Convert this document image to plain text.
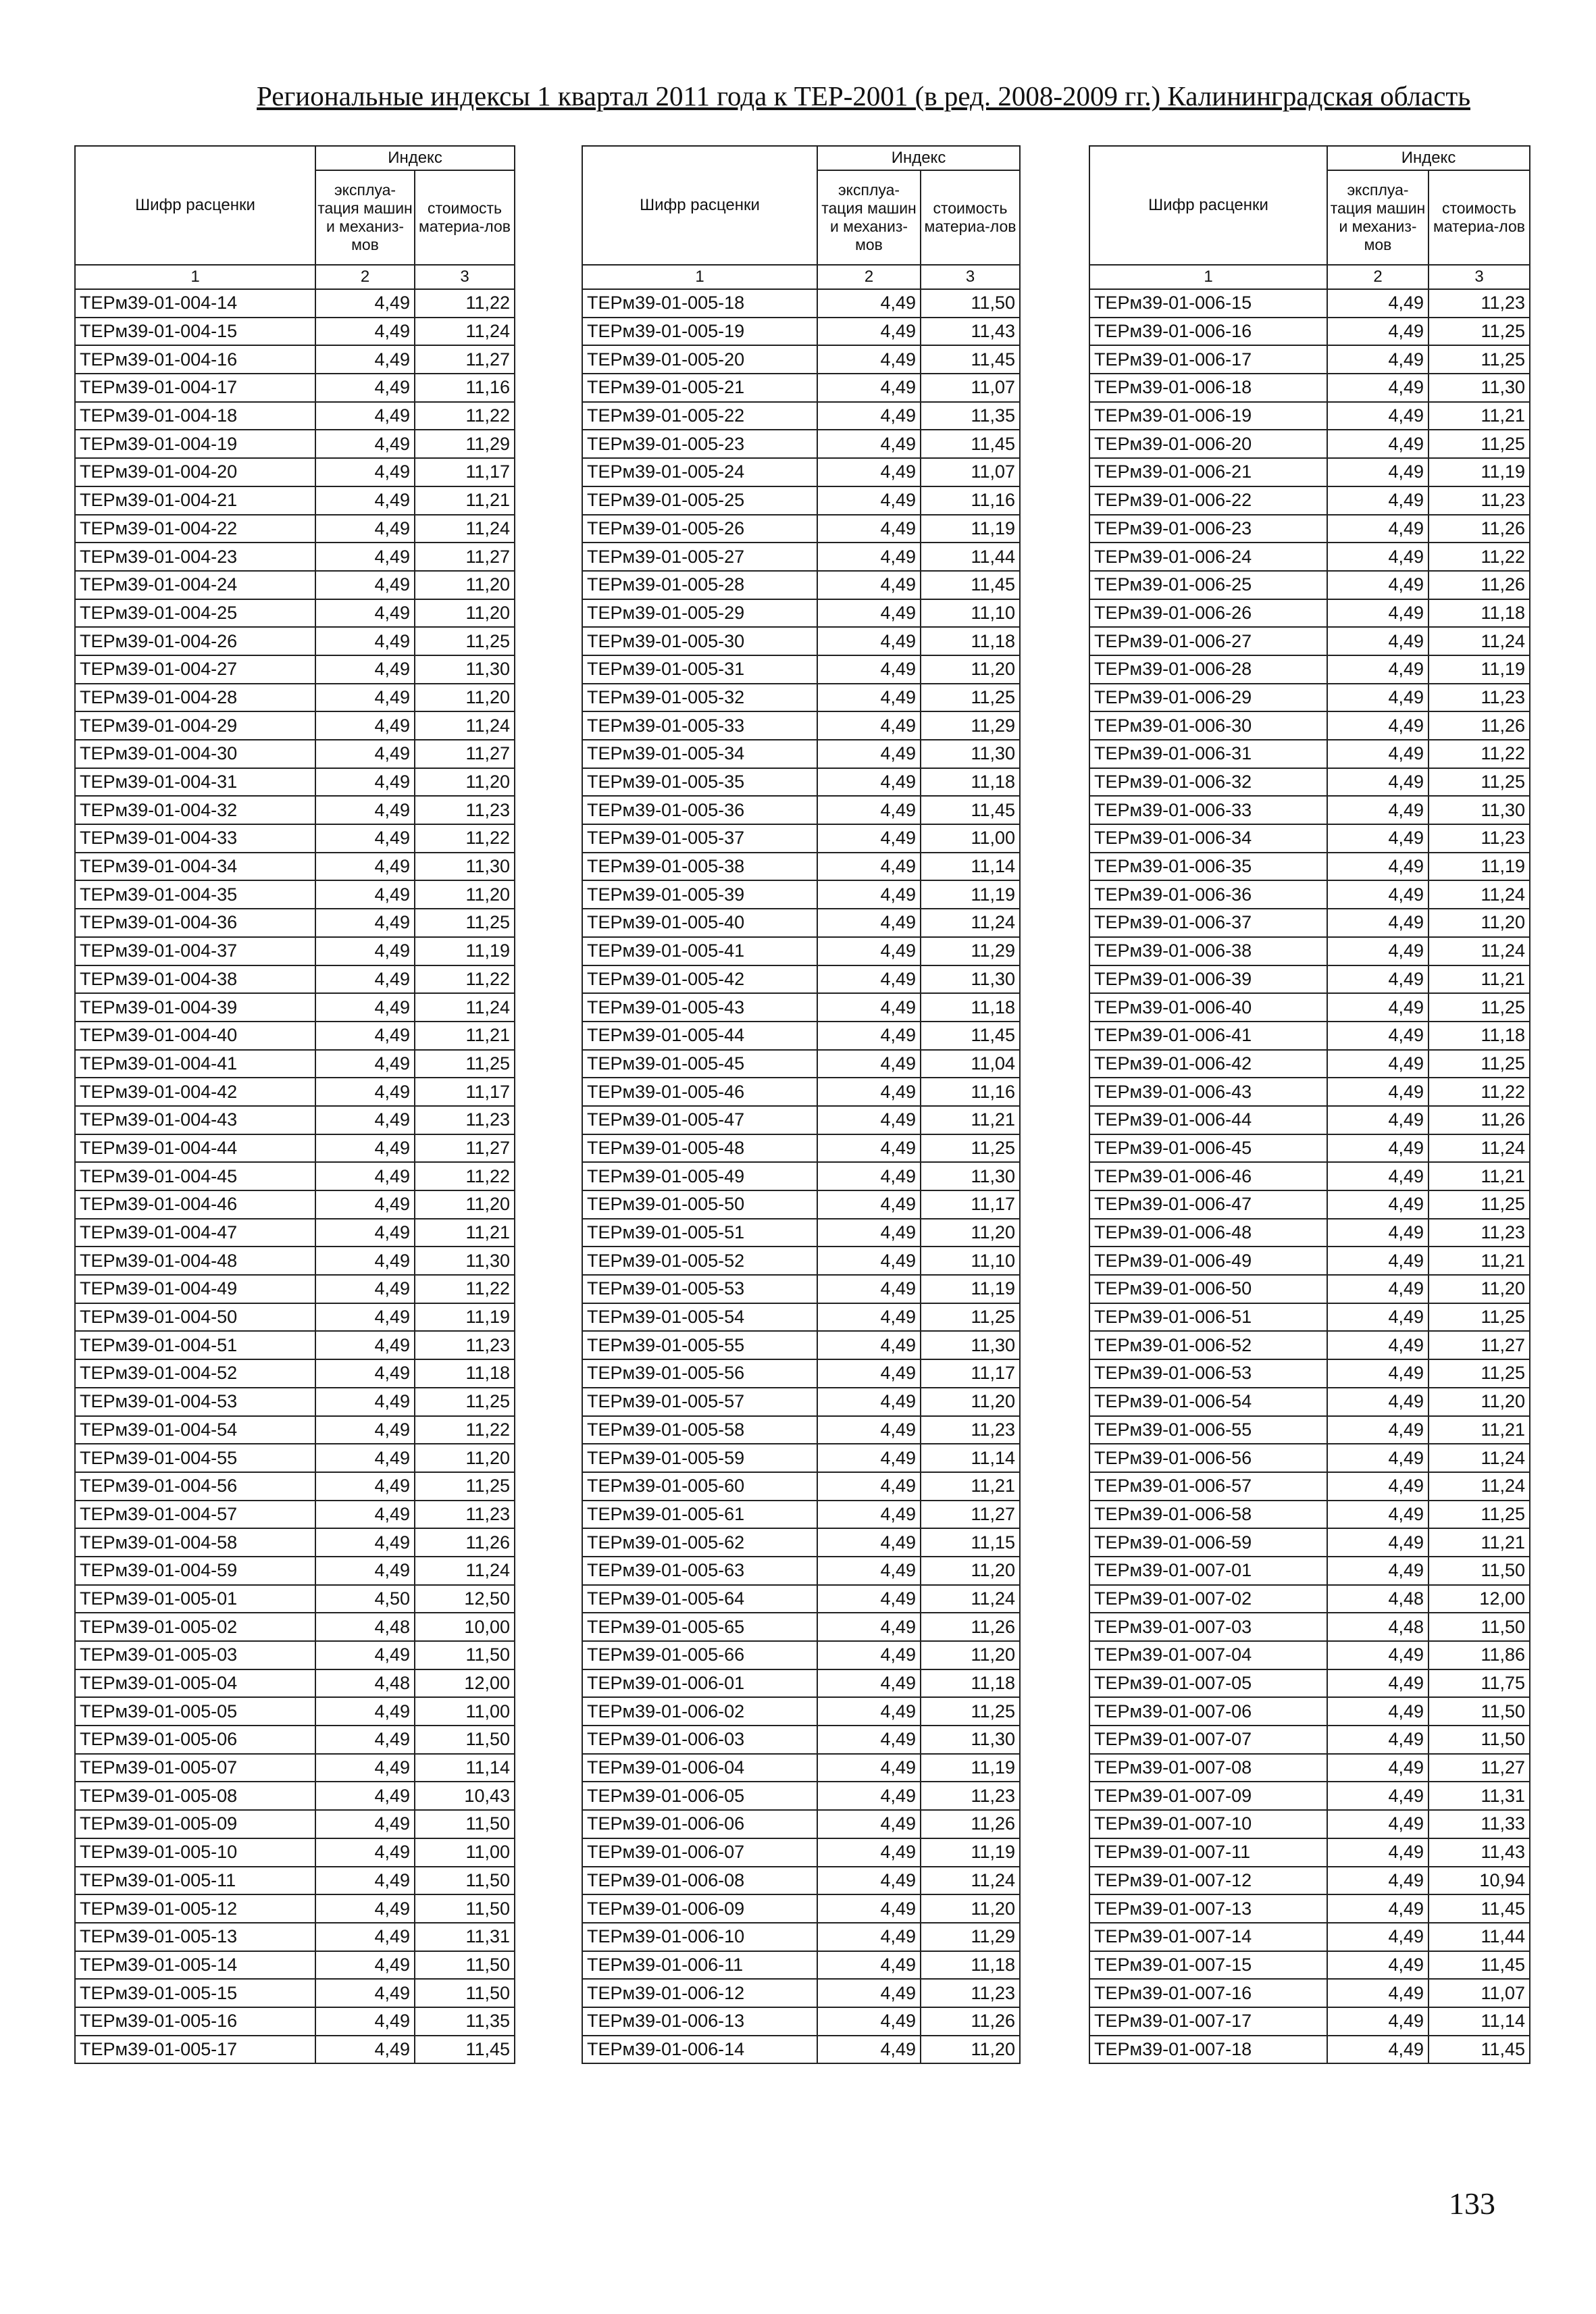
Региональные индексы 1 квартал 2011 года к ТЕР-2001 (в ред. 2008-2009 гг.) Калининградская область
Шифр расценки	Индекс	
	эксплуа-тация машин и механиз-мов	стоимость материа-лов
1	2	3
ТЕРм39-01-004-14	4,49	11,22
ТЕРм39-01-004-15	4,49	11,24
ТЕРм39-01-004-16	4,49	11,27
ТЕРм39-01-004-17	4,49	11,16
ТЕРм39-01-004-18	4,49	11,22
ТЕРм39-01-004-19	4,49	11,29
ТЕРм39-01-004-20	4,49	11,17
ТЕРм39-01-004-21	4,49	11,21
ТЕРм39-01-004-22	4,49	11,24
ТЕРм39-01-004-23	4,49	11,27
ТЕРм39-01-004-24	4,49	11,20
ТЕРм39-01-004-25	4,49	11,20
ТЕРм39-01-004-26	4,49	11,25
ТЕРм39-01-004-27	4,49	11,30
ТЕРм39-01-004-28	4,49	11,20
ТЕРм39-01-004-29	4,49	11,24
ТЕРм39-01-004-30	4,49	11,27
ТЕРм39-01-004-31	4,49	11,20
ТЕРм39-01-004-32	4,49	11,23
ТЕРм39-01-004-33	4,49	11,22
ТЕРм39-01-004-34	4,49	11,30
ТЕРм39-01-004-35	4,49	11,20
ТЕРм39-01-004-36	4,49	11,25
ТЕРм39-01-004-37	4,49	11,19
ТЕРм39-01-004-38	4,49	11,22
ТЕРм39-01-004-39	4,49	11,24
ТЕРм39-01-004-40	4,49	11,21
ТЕРм39-01-004-41	4,49	11,25
ТЕРм39-01-004-42	4,49	11,17
ТЕРм39-01-004-43	4,49	11,23
ТЕРм39-01-004-44	4,49	11,27
ТЕРм39-01-004-45	4,49	11,22
ТЕРм39-01-004-46	4,49	11,20
ТЕРм39-01-004-47	4,49	11,21
ТЕРм39-01-004-48	4,49	11,30
ТЕРм39-01-004-49	4,49	11,22
ТЕРм39-01-004-50	4,49	11,19
ТЕРм39-01-004-51	4,49	11,23
ТЕРм39-01-004-52	4,49	11,18
ТЕРм39-01-004-53	4,49	11,25
ТЕРм39-01-004-54	4,49	11,22
ТЕРм39-01-004-55	4,49	11,20
ТЕРм39-01-004-56	4,49	11,25
ТЕРм39-01-004-57	4,49	11,23
ТЕРм39-01-004-58	4,49	11,26
ТЕРм39-01-004-59	4,49	11,24
ТЕРм39-01-005-01	4,50	12,50
ТЕРм39-01-005-02	4,48	10,00
ТЕРм39-01-005-03	4,49	11,50
ТЕРм39-01-005-04	4,48	12,00
ТЕРм39-01-005-05	4,49	11,00
ТЕРм39-01-005-06	4,49	11,50
ТЕРм39-01-005-07	4,49	11,14
ТЕРм39-01-005-08	4,49	10,43
ТЕРм39-01-005-09	4,49	11,50
ТЕРм39-01-005-10	4,49	11,00
ТЕРм39-01-005-11	4,49	11,50
ТЕРм39-01-005-12	4,49	11,50
ТЕРм39-01-005-13	4,49	11,31
ТЕРм39-01-005-14	4,49	11,50
ТЕРм39-01-005-15	4,49	11,50
ТЕРм39-01-005-16	4,49	11,35
ТЕРм39-01-005-17	4,49	11,45
Шифр расценки	Индекс	
	эксплуа-тация машин и механиз-мов	стоимость материа-лов
1	2	3
ТЕРм39-01-005-18	4,49	11,50
ТЕРм39-01-005-19	4,49	11,43
ТЕРм39-01-005-20	4,49	11,45
ТЕРм39-01-005-21	4,49	11,07
ТЕРм39-01-005-22	4,49	11,35
ТЕРм39-01-005-23	4,49	11,45
ТЕРм39-01-005-24	4,49	11,07
ТЕРм39-01-005-25	4,49	11,16
ТЕРм39-01-005-26	4,49	11,19
ТЕРм39-01-005-27	4,49	11,44
ТЕРм39-01-005-28	4,49	11,45
ТЕРм39-01-005-29	4,49	11,10
ТЕРм39-01-005-30	4,49	11,18
ТЕРм39-01-005-31	4,49	11,20
ТЕРм39-01-005-32	4,49	11,25
ТЕРм39-01-005-33	4,49	11,29
ТЕРм39-01-005-34	4,49	11,30
ТЕРм39-01-005-35	4,49	11,18
ТЕРм39-01-005-36	4,49	11,45
ТЕРм39-01-005-37	4,49	11,00
ТЕРм39-01-005-38	4,49	11,14
ТЕРм39-01-005-39	4,49	11,19
ТЕРм39-01-005-40	4,49	11,24
ТЕРм39-01-005-41	4,49	11,29
ТЕРм39-01-005-42	4,49	11,30
ТЕРм39-01-005-43	4,49	11,18
ТЕРм39-01-005-44	4,49	11,45
ТЕРм39-01-005-45	4,49	11,04
ТЕРм39-01-005-46	4,49	11,16
ТЕРм39-01-005-47	4,49	11,21
ТЕРм39-01-005-48	4,49	11,25
ТЕРм39-01-005-49	4,49	11,30
ТЕРм39-01-005-50	4,49	11,17
ТЕРм39-01-005-51	4,49	11,20
ТЕРм39-01-005-52	4,49	11,10
ТЕРм39-01-005-53	4,49	11,19
ТЕРм39-01-005-54	4,49	11,25
ТЕРм39-01-005-55	4,49	11,30
ТЕРм39-01-005-56	4,49	11,17
ТЕРм39-01-005-57	4,49	11,20
ТЕРм39-01-005-58	4,49	11,23
ТЕРм39-01-005-59	4,49	11,14
ТЕРм39-01-005-60	4,49	11,21
ТЕРм39-01-005-61	4,49	11,27
ТЕРм39-01-005-62	4,49	11,15
ТЕРм39-01-005-63	4,49	11,20
ТЕРм39-01-005-64	4,49	11,24
ТЕРм39-01-005-65	4,49	11,26
ТЕРм39-01-005-66	4,49	11,20
ТЕРм39-01-006-01	4,49	11,18
ТЕРм39-01-006-02	4,49	11,25
ТЕРм39-01-006-03	4,49	11,30
ТЕРм39-01-006-04	4,49	11,19
ТЕРм39-01-006-05	4,49	11,23
ТЕРм39-01-006-06	4,49	11,26
ТЕРм39-01-006-07	4,49	11,19
ТЕРм39-01-006-08	4,49	11,24
ТЕРм39-01-006-09	4,49	11,20
ТЕРм39-01-006-10	4,49	11,29
ТЕРм39-01-006-11	4,49	11,18
ТЕРм39-01-006-12	4,49	11,23
ТЕРм39-01-006-13	4,49	11,26
ТЕРм39-01-006-14	4,49	11,20
Шифр расценки	Индекс	
	эксплуа-тация машин и механиз-мов	стоимость материа-лов
1	2	3
ТЕРм39-01-006-15	4,49	11,23
ТЕРм39-01-006-16	4,49	11,25
ТЕРм39-01-006-17	4,49	11,25
ТЕРм39-01-006-18	4,49	11,30
ТЕРм39-01-006-19	4,49	11,21
ТЕРм39-01-006-20	4,49	11,25
ТЕРм39-01-006-21	4,49	11,19
ТЕРм39-01-006-22	4,49	11,23
ТЕРм39-01-006-23	4,49	11,26
ТЕРм39-01-006-24	4,49	11,22
ТЕРм39-01-006-25	4,49	11,26
ТЕРм39-01-006-26	4,49	11,18
ТЕРм39-01-006-27	4,49	11,24
ТЕРм39-01-006-28	4,49	11,19
ТЕРм39-01-006-29	4,49	11,23
ТЕРм39-01-006-30	4,49	11,26
ТЕРм39-01-006-31	4,49	11,22
ТЕРм39-01-006-32	4,49	11,25
ТЕРм39-01-006-33	4,49	11,30
ТЕРм39-01-006-34	4,49	11,23
ТЕРм39-01-006-35	4,49	11,19
ТЕРм39-01-006-36	4,49	11,24
ТЕРм39-01-006-37	4,49	11,20
ТЕРм39-01-006-38	4,49	11,24
ТЕРм39-01-006-39	4,49	11,21
ТЕРм39-01-006-40	4,49	11,25
ТЕРм39-01-006-41	4,49	11,18
ТЕРм39-01-006-42	4,49	11,25
ТЕРм39-01-006-43	4,49	11,22
ТЕРм39-01-006-44	4,49	11,26
ТЕРм39-01-006-45	4,49	11,24
ТЕРм39-01-006-46	4,49	11,21
ТЕРм39-01-006-47	4,49	11,25
ТЕРм39-01-006-48	4,49	11,23
ТЕРм39-01-006-49	4,49	11,21
ТЕРм39-01-006-50	4,49	11,20
ТЕРм39-01-006-51	4,49	11,25
ТЕРм39-01-006-52	4,49	11,27
ТЕРм39-01-006-53	4,49	11,25
ТЕРм39-01-006-54	4,49	11,20
ТЕРм39-01-006-55	4,49	11,21
ТЕРм39-01-006-56	4,49	11,24
ТЕРм39-01-006-57	4,49	11,24
ТЕРм39-01-006-58	4,49	11,25
ТЕРм39-01-006-59	4,49	11,21
ТЕРм39-01-007-01	4,49	11,50
ТЕРм39-01-007-02	4,48	12,00
ТЕРм39-01-007-03	4,48	11,50
ТЕРм39-01-007-04	4,49	11,86
ТЕРм39-01-007-05	4,49	11,75
ТЕРм39-01-007-06	4,49	11,50
ТЕРм39-01-007-07	4,49	11,50
ТЕРм39-01-007-08	4,49	11,27
ТЕРм39-01-007-09	4,49	11,31
ТЕРм39-01-007-10	4,49	11,33
ТЕРм39-01-007-11	4,49	11,43
ТЕРм39-01-007-12	4,49	10,94
ТЕРм39-01-007-13	4,49	11,45
ТЕРм39-01-007-14	4,49	11,44
ТЕРм39-01-007-15	4,49	11,45
ТЕРм39-01-007-16	4,49	11,07
ТЕРм39-01-007-17	4,49	11,14
ТЕРм39-01-007-18	4,49	11,45
133
